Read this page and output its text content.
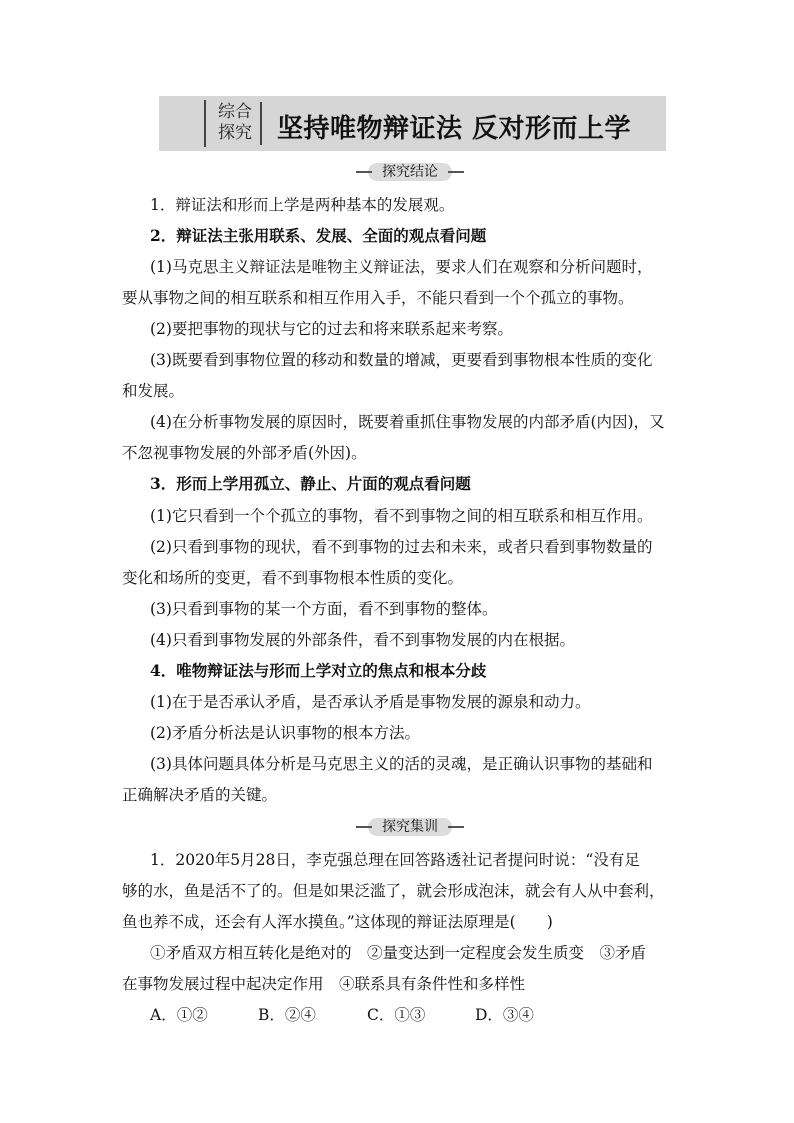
综合
探究 坚持唯物辩证法 反对形而上学
探究结论
1．辩证法和形而上学是两种基本的发展观。
2．辩证法主张用联系、发展、全面的观点看问题
(1)马克思主义辩证法是唯物主义辩证法，要求人们在观察和分析问题时，
要从事物之间的相互联系和相互作用入手，不能只看到一个个孤立的事物。
(2)要把事物的现状与它的过去和将来联系起来考察。
(3)既要看到事物位置的移动和数量的增减，更要看到事物根本性质的变化
和发展。
(4)在分析事物发展的原因时，既要着重抓住事物发展的内部矛盾(内因)，又
不忽视事物发展的外部矛盾(外因)。
3．形而上学用孤立、静止、片面的观点看问题
(1)它只看到一个个孤立的事物，看不到事物之间的相互联系和相互作用。
(2)只看到事物的现状，看不到事物的过去和未来，或者只看到事物数量的
变化和场所的变更，看不到事物根本性质的变化。
(3)只看到事物的某一个方面，看不到事物的整体。
(4)只看到事物发展的外部条件，看不到事物发展的内在根据。
4．唯物辩证法与形而上学对立的焦点和根本分歧
(1)在于是否承认矛盾，是否承认矛盾是事物发展的源泉和动力。
(2)矛盾分析法是认识事物的根本方法。
(3)具体问题具体分析是马克思主义的活的灵魂，是正确认识事物的基础和
正确解决矛盾的关键。
探究集训
1．2020年5月28日，李克强总理在回答路透社记者提问时说：“没有足
够的水，鱼是活不了的。但是如果泛滥了，就会形成泡沫，就会有人从中套利，
鱼也养不成，还会有人浑水摸鱼。”这体现的辩证法原理是(　　)
①矛盾双方相互转化是绝对的　②量变达到一定程度会发生质变　③矛盾
在事物发展过程中起决定作用　④联系具有条件性和多样性
A．①②	B．②④	C．①③	D．③④
